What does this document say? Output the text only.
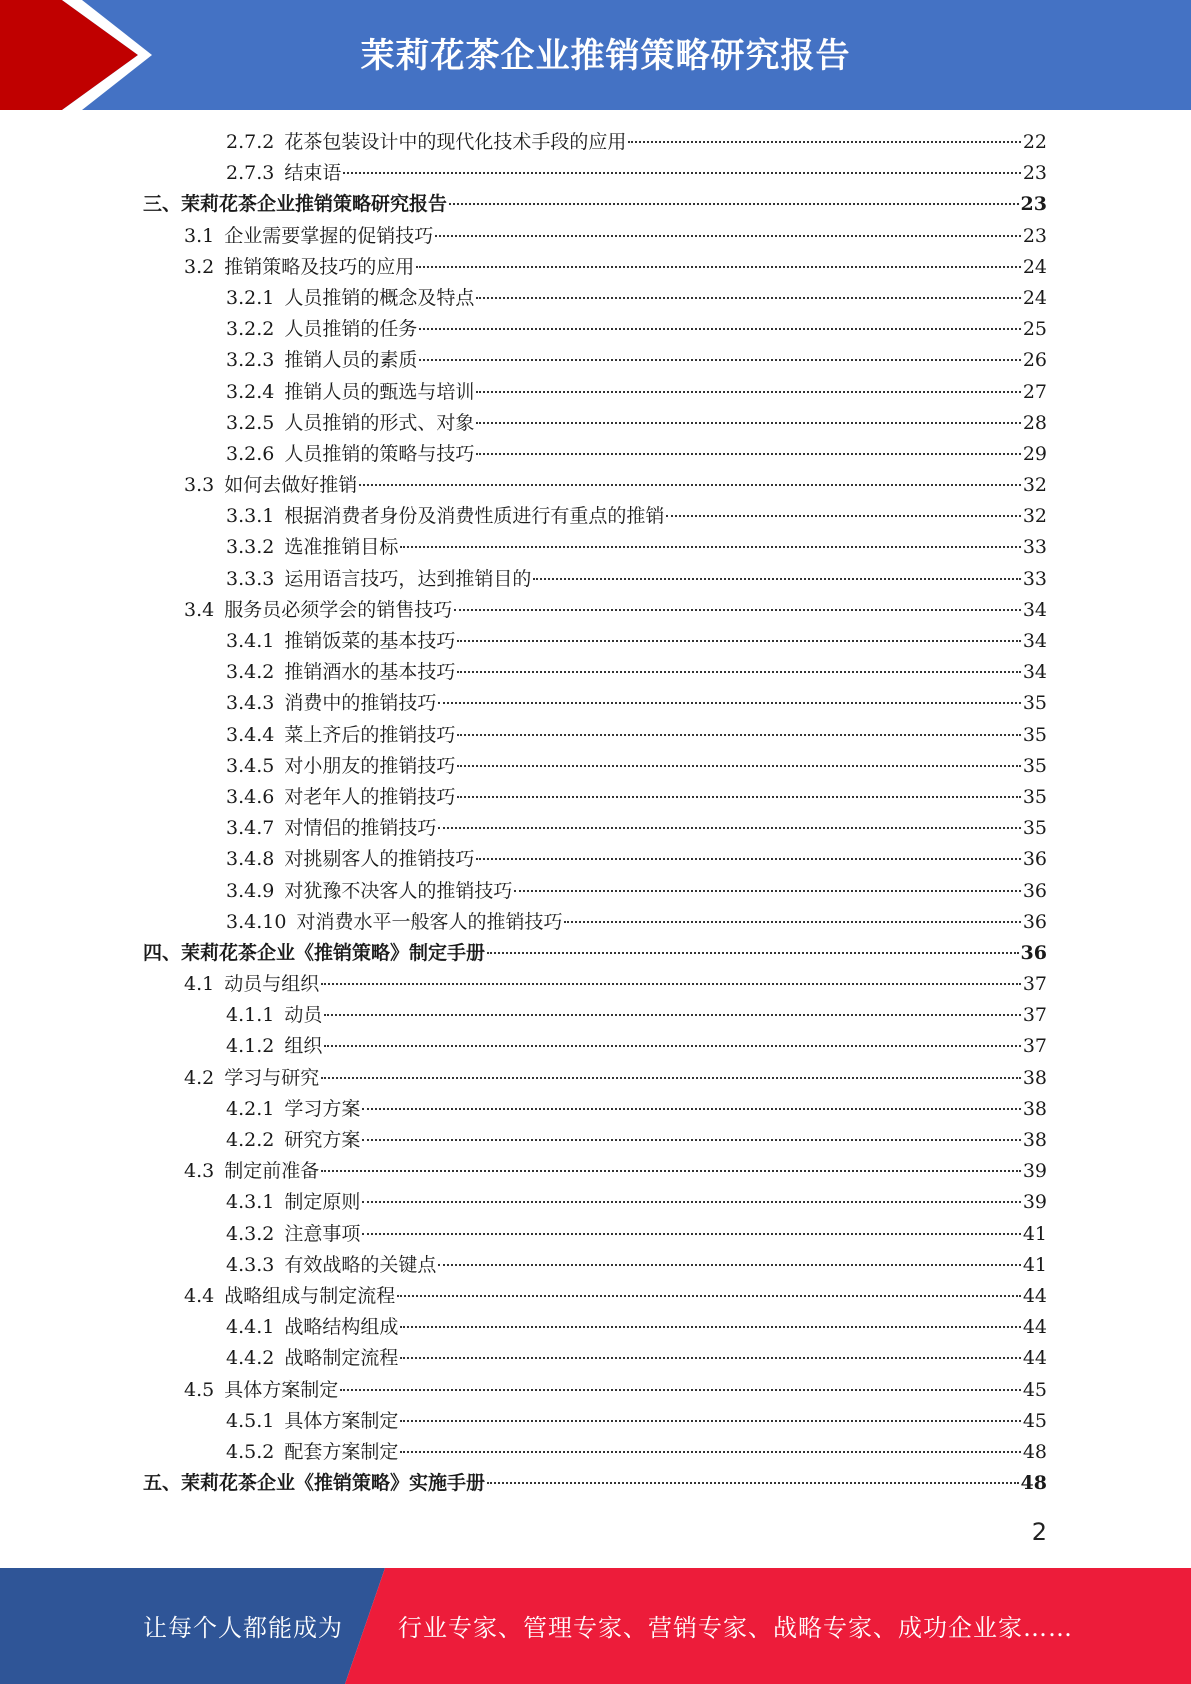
茉莉花茶企业推销策略研究报告
2.7.2 花茶包装设计中的现代化技术手段的应用	22
2.7.3 结束语	23
三、茉莉花茶企业推销策略研究报告	23
3.1 企业需要掌握的促销技巧	23
3.2 推销策略及技巧的应用	24
3.2.1 人员推销的概念及特点	24
3.2.2 人员推销的任务	25
3.2.3 推销人员的素质	26
3.2.4 推销人员的甄选与培训	27
3.2.5 人员推销的形式、对象	28
3.2.6 人员推销的策略与技巧	29
3.3 如何去做好推销	32
3.3.1 根据消费者身份及消费性质进行有重点的推销	32
3.3.2 选准推销目标	33
3.3.3 运用语言技巧，达到推销目的	33
3.4 服务员必须学会的销售技巧	34
3.4.1 推销饭菜的基本技巧	34
3.4.2 推销酒水的基本技巧	34
3.4.3 消费中的推销技巧	35
3.4.4 菜上齐后的推销技巧	35
3.4.5 对小朋友的推销技巧	35
3.4.6 对老年人的推销技巧	35
3.4.7 对情侣的推销技巧	35
3.4.8 对挑剔客人的推销技巧	36
3.4.9 对犹豫不决客人的推销技巧	36
3.4.10 对消费水平一般客人的推销技巧	36
四、茉莉花茶企业《推销策略》制定手册	36
4.1 动员与组织	37
4.1.1 动员	37
4.1.2 组织	37
4.2 学习与研究	38
4.2.1 学习方案	38
4.2.2 研究方案	38
4.3 制定前准备	39
4.3.1 制定原则	39
4.3.2 注意事项	41
4.3.3 有效战略的关键点	41
4.4 战略组成与制定流程	44
4.4.1 战略结构组成	44
4.4.2 战略制定流程	44
4.5 具体方案制定	45
4.5.1 具体方案制定	45
4.5.2 配套方案制定	48
五、茉莉花茶企业《推销策略》实施手册	48
2
让每个人都能成为 行业专家、管理专家、营销专家、战略专家、成功企业家……
